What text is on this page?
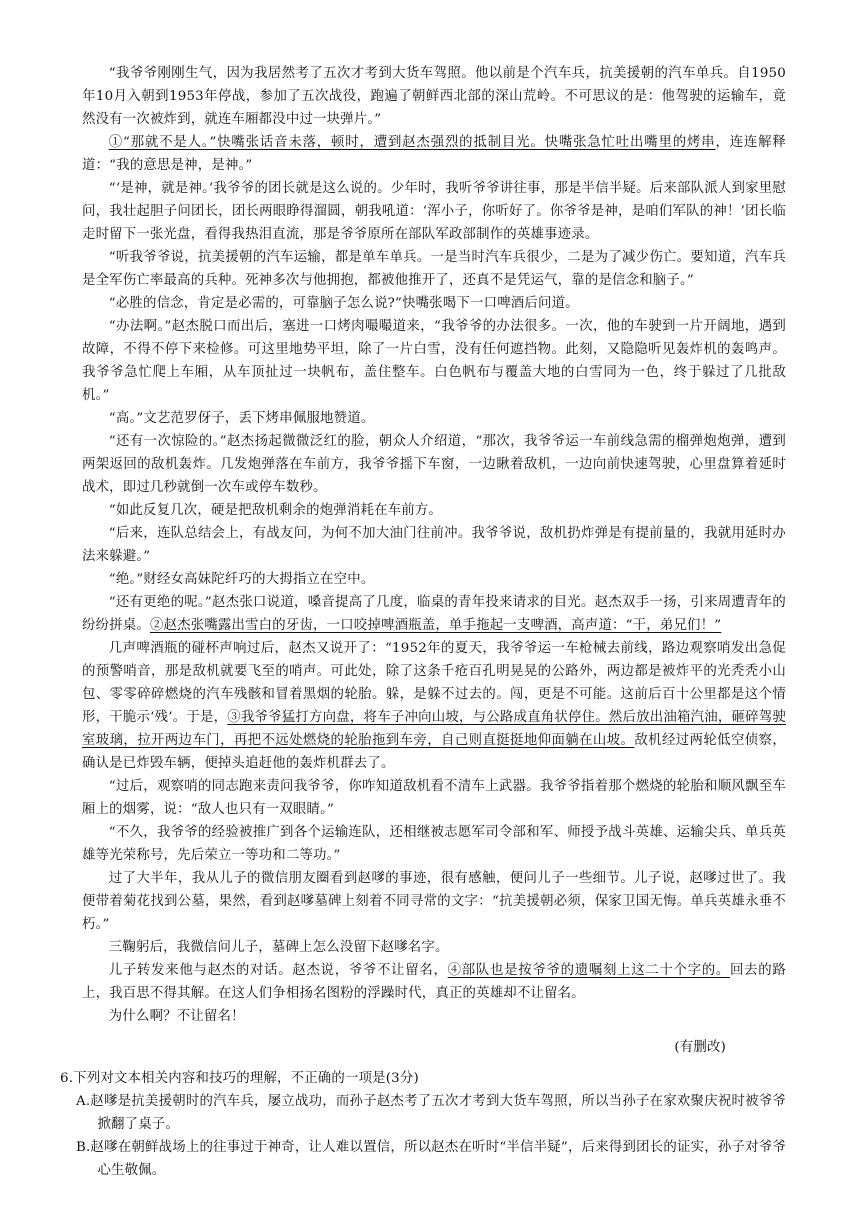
“我爷爷刚刚生气，因为我居然考了五次才考到大货车驾照。他以前是个汽车兵，抗美援朝的汽车单兵。自1950年10月入朝到1953年停战，参加了五次战役，跑遍了朝鲜西北部的深山荒岭。不可思议的是：他驾驶的运输车，竟然没有一次被炸到，就连车厢都没中过一块弹片。”

①“那就不是人。”快嘴张话音未落，顿时，遭到赵杰强烈的抵制目光。快嘴张急忙吐出嘴里的烤串，连连解释道：“我的意思是神，是神。”

“‘是神，就是神。’我爷爷的团长就是这么说的。少年时，我听爷爷讲往事，那是半信半疑。后来部队派人到家里慰问，我壮起胆子问团长，团长两眼睁得溜圆，朝我吼道：‘浑小子，你听好了。你爷爷是神，是咱们军队的神！’团长临走时留下一张光盘，看得我热泪直流，那是爷爷原所在部队军政部制作的英雄事迹录。

“听我爷爷说，抗美援朝的汽车运输，都是单车单兵。一是当时汽车兵很少，二是为了减少伤亡。要知道，汽车兵是全军伤亡率最高的兵种。死神多次与他拥抱，都被他推开了，还真不是凭运气，靠的是信念和脑子。”

“必胜的信念，肯定是必需的，可靠脑子怎么说?”快嘴张喝下一口啤酒后问道。

“办法啊。”赵杰脱口而出后，塞进一口烤肉嘬嘬道来，“我爷爷的办法很多。一次，他的车驶到一片开阔地，遇到故障，不得不停下来检修。可这里地势平坦，除了一片白雪，没有任何遮挡物。此刻，又隐隐听见轰炸机的轰鸣声。我爷爷急忙爬上车厢，从车顶扯过一块帆布，盖住整车。白色帆布与覆盖大地的白雪同为一色，终于躲过了几批敌机。”

“高。”文艺范罗伢子，丢下烤串佩服地赞道。

“还有一次惊险的。”赵杰扬起微微泛红的脸，朝众人介绍道，“那次，我爷爷运一车前线急需的榴弹炮炮弹，遭到两架返回的敌机轰炸。几发炮弹落在车前方，我爷爷摇下车窗，一边瞅着敌机，一边向前快速驾驶，心里盘算着延时战术，即过几秒就倒一次车或停车数秒。

“如此反复几次，硬是把敌机剩余的炮弹消耗在车前方。

“后来，连队总结会上，有战友问，为何不加大油门往前冲。我爷爷说，敌机扔炸弹是有提前量的，我就用延时办法来躲避。”

“绝。”财经女高妹陀纤巧的大拇指立在空中。

“还有更绝的呢。”赵杰张口说道，嗓音提高了几度，临桌的青年投来请求的目光。赵杰双手一扬，引来周遭青年的纷纷拼桌。②赵杰张嘴露出雪白的牙齿，一口咬掉啤酒瓶盖，单手拖起一支啤酒，高声道：“干，弟兄们！”

几声啤酒瓶的碰杯声响过后，赵杰又说开了：“1952年的夏天，我爷爷运一车枪械去前线，路边观察哨发出急促的预警哨音，那是敌机就要飞至的哨声。可此处，除了这条千疮百孔明晃晃的公路外，两边都是被炸平的光秃秃小山包、零零碎碎燃烧的汽车残骸和冒着黑烟的轮胎。躲，是躲不过去的。闯，更是不可能。这前后百十公里都是这个情形，干脆示‘残’。于是，③我爷爷猛打方向盘，将车子冲向山坡，与公路成直角状停住。然后放出油箱汽油，砸碎驾驶室玻璃，拉开两边车门，再把不远处燃烧的轮胎拖到车旁，自己则直挺挺地仰面躺在山坡。敌机经过两轮低空侦察，确认是已炸毁车辆，便掉头追赶他的轰炸机群去了。

“过后，观察哨的同志跑来责问我爷爷，你咋知道敌机看不清车上武器。我爷爷指着那个燃烧的轮胎和顺风飘至车厢上的烟雾，说：“敌人也只有一双眼睛。”

“不久，我爷爷的经验被推广到各个运输连队，还相继被志愿军司令部和军、师授予战斗英雄、运输尖兵、单兵英雄等光荣称号，先后荣立一等功和二等功。”

过了大半年，我从儿子的微信朋友圈看到赵嗲的事迹，很有感触，便问儿子一些细节。儿子说，赵嗲过世了。我便带着菊花找到公墓，果然，看到赵嗲墓碑上刻着不同寻常的文字：“抗美援朝必须，保家卫国无悔。单兵英雄永垂不朽。”

三鞠躬后，我微信问儿子，墓碑上怎么没留下赵嗲名字。

儿子转发来他与赵杰的对话。赵杰说，爷爷不让留名，④部队也是按爷爷的遗嘱刻上这二十个字的。回去的路上，我百思不得其解。在这人们争相扬名图粉的浮躁时代，真正的英雄却不让留名。

为什么啊？不让留名！

(有删改)
6.下列对文本相关内容和技巧的理解，不正确的一项是(3分)
A.赵嗲是抗美援朝时的汽车兵，屡立战功，而孙子赵杰考了五次才考到大货车驾照，所以当孙子在家欢聚庆祝时被爷爷掀翻了桌子。
B.赵嗲在朝鲜战场上的往事过于神奇，让人难以置信，所以赵杰在听时“半信半疑”，后来得到团长的证实，孙子对爷爷心生敬佩。
